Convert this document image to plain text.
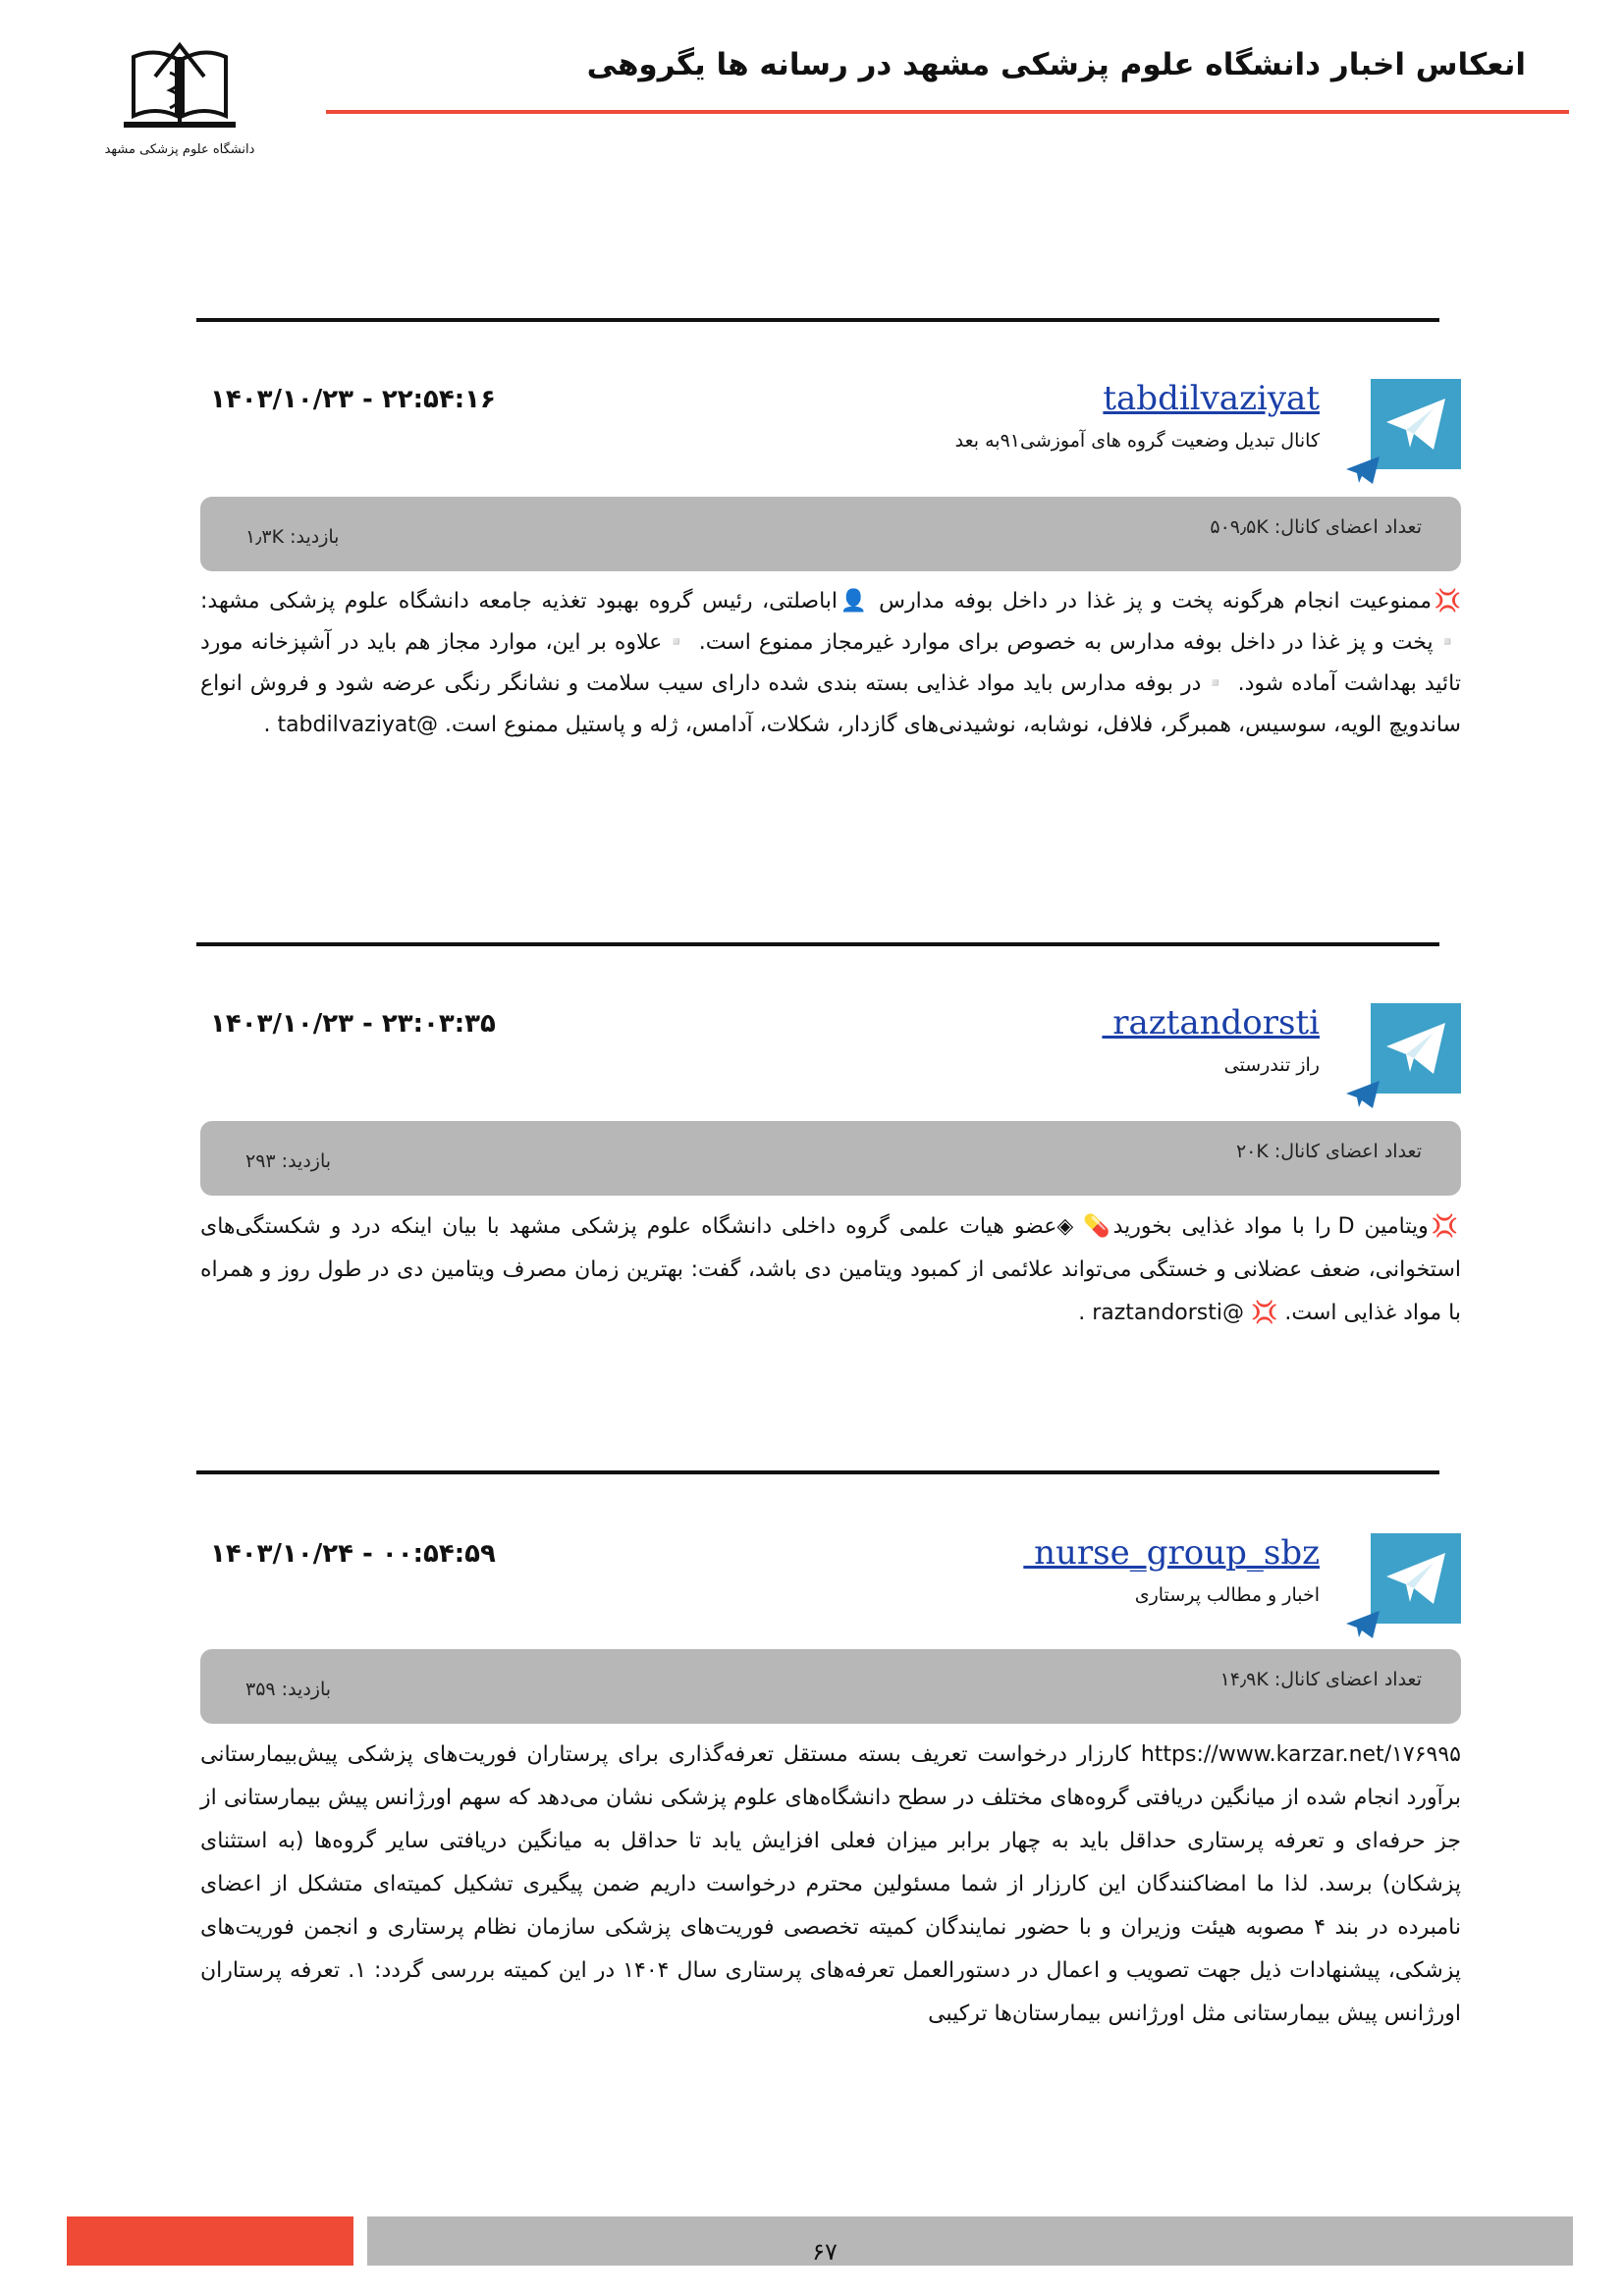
انعکاس اخبار دانشگاه علوم پزشکی مشهد در رسانه ها یگروهی
دانشگاه علوم پزشکی مشهد
tabdilvaziyat
کانال تبدیل وضعیت گروه های آموزشی۹۱به بعد
۱۴۰۳/۱۰/۲۳ - ۲۲:۵۴:۱۶
تعداد اعضای کانال: ۵۰۹٫۵K
بازدید: ۱٫۳K

💢ممنوعیت انجام هرگونه پخت و پز غذا در داخل بوفه مدارس 👤اباصلتی، رئیس گروه بهبود تغذیه جامعه دانشگاه علوم پزشکی مشهد: ▫️پخت و پز غذا در داخل بوفه مدارس به خصوص برای موارد غیرمجاز ممنوع است. ▫️علاوه بر این، موارد مجاز هم باید در آشپزخانه مورد تائید بهداشت آماده شود. ▫️در بوفه مدارس باید مواد غذایی بسته بندی شده دارای سیب سلامت و نشانگر رنگی عرضه شود و فروش انواع ساندویچ الویه، سوسیس، همبرگر، فلافل، نوشابه، نوشیدنی‌های گازدار، شکلات، آدامس، ژله و پاستیل ممنوع است. @tabdilvaziyat .

raztandorsti
راز تندرستی
۱۴۰۳/۱۰/۲۳ - ۲۳:۰۳:۳۵
تعداد اعضای کانال: ۲۰K
بازدید: ۲۹۳

💢ویتامین D را با مواد غذایی بخورید💊 ◈عضو هیات علمی گروه داخلی دانشگاه علوم پزشکی مشهد با بیان اینکه درد و شکستگی‌های استخوانی، ضعف عضلانی و خستگی می‌تواند علائمی از کمبود ویتامین دی باشد، گفت: بهترین زمان مصرف ویتامین دی در طول روز و همراه با مواد غذایی است. 💢 @raztandorsti .

nurse_group_sbz
اخبار و مطالب پرستاری
۱۴۰۳/۱۰/۲۴ - ۰۰:۵۴:۵۹
تعداد اعضای کانال: ۱۴٫۹K
بازدید: ۳۵۹

https://www.karzar.net/۱۷۶۹۹۵ کارزار درخواست تعریف بسته مستقل تعرفه‌گذاری برای پرستاران فوریت‌های پزشکی پیش‌بیمارستانی برآورد انجام شده از میانگین دریافتی گروه‌های مختلف در سطح دانشگاه‌های علوم پزشکی نشان می‌دهد که سهم اورژانس پیش بیمارستانی از جز حرفه‌ای و تعرفه پرستاری حداقل باید به چهار برابر میزان فعلی افزایش یابد تا حداقل به میانگین دریافتی سایر گروه‌ها (به استثنای پزشکان) برسد. لذا ما امضاکنندگان این کارزار از شما مسئولین محترم درخواست داریم ضمن پیگیری تشکیل کمیته‌ای متشکل از اعضای نامبرده در بند ۴ مصوبه هیئت وزیران و با حضور نمایندگان کمیته تخصصی فوریت‌های پزشکی سازمان نظام پرستاری و انجمن فوریت‌های پزشکی، پیشنهادات ذیل جهت تصویب و اعمال در دستورالعمل تعرفه‌های پرستاری سال ۱۴۰۴ در این کمیته بررسی گردد: ۱. تعرفه پرستاران اورژانس پیش بیمارستانی مثل اورژانس بیمارستان‌ها ترکیبی

۶۷
